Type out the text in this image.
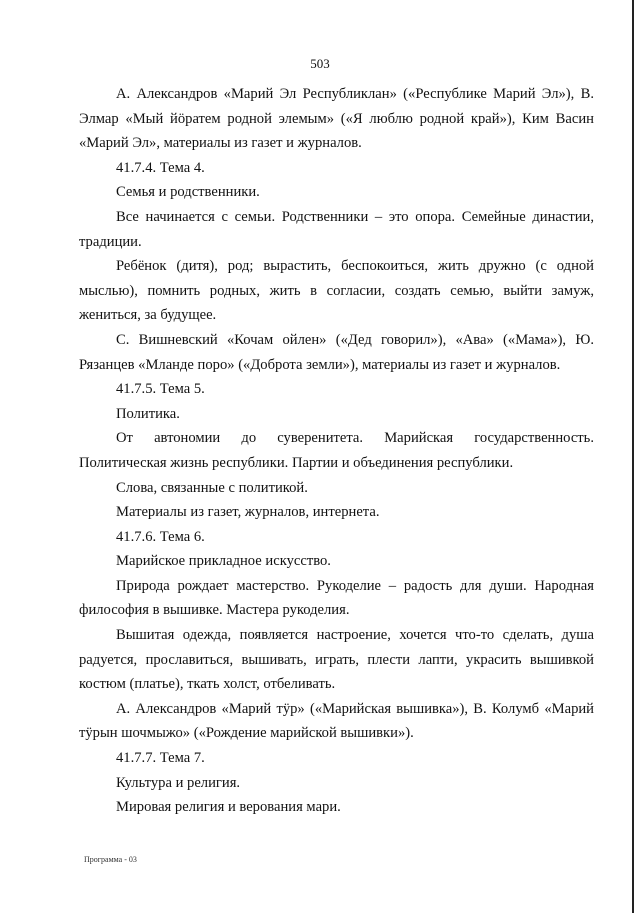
503

А. Александров «Марий Эл Республиклан» («Республике Марий Эл»), В. Элмар «Мый йöратем родной элемым» («Я люблю родной край»), Ким Васин «Марий Эл», материалы из газет и журналов.

41.7.4. Тема 4.

Семья и родственники.

Все начинается с семьи. Родственники – это опора. Семейные династии, традиции.

Ребёнок (дитя), род; вырастить, беспокоиться, жить дружно (с одной мыслью), помнить родных, жить в согласии, создать семью, выйти замуж, жениться, за будущее.

С. Вишневский «Кочам ойлен» («Дед говорил»), «Ава» («Мама»), Ю. Рязанцев «Мланде поро» («Доброта земли»), материалы из газет и журналов.

41.7.5. Тема 5.

Политика.

От автономии до суверенитета. Марийская государственность. Политическая жизнь республики. Партии и объединения республики.

Слова, связанные с политикой.

Материалы из газет, журналов, интернета.

41.7.6. Тема 6.

Марийское прикладное искусство.

Природа рождает мастерство. Рукоделие – радость для души. Народная философия в вышивке. Мастера рукоделия.

Вышитая одежда, появляется настроение, хочется что-то сделать, душа радуется, прославиться, вышивать, играть, плести лапти, украсить вышивкой костюм (платье), ткать холст, отбеливать.

А. Александров «Марий тӱр» («Марийская вышивка»), В. Колумб «Марий тӱрын шочмыжо» («Рождение марийской вышивки»).

41.7.7. Тема 7.

Культура и религия.

Мировая религия и верования мари.

Программа - 03
